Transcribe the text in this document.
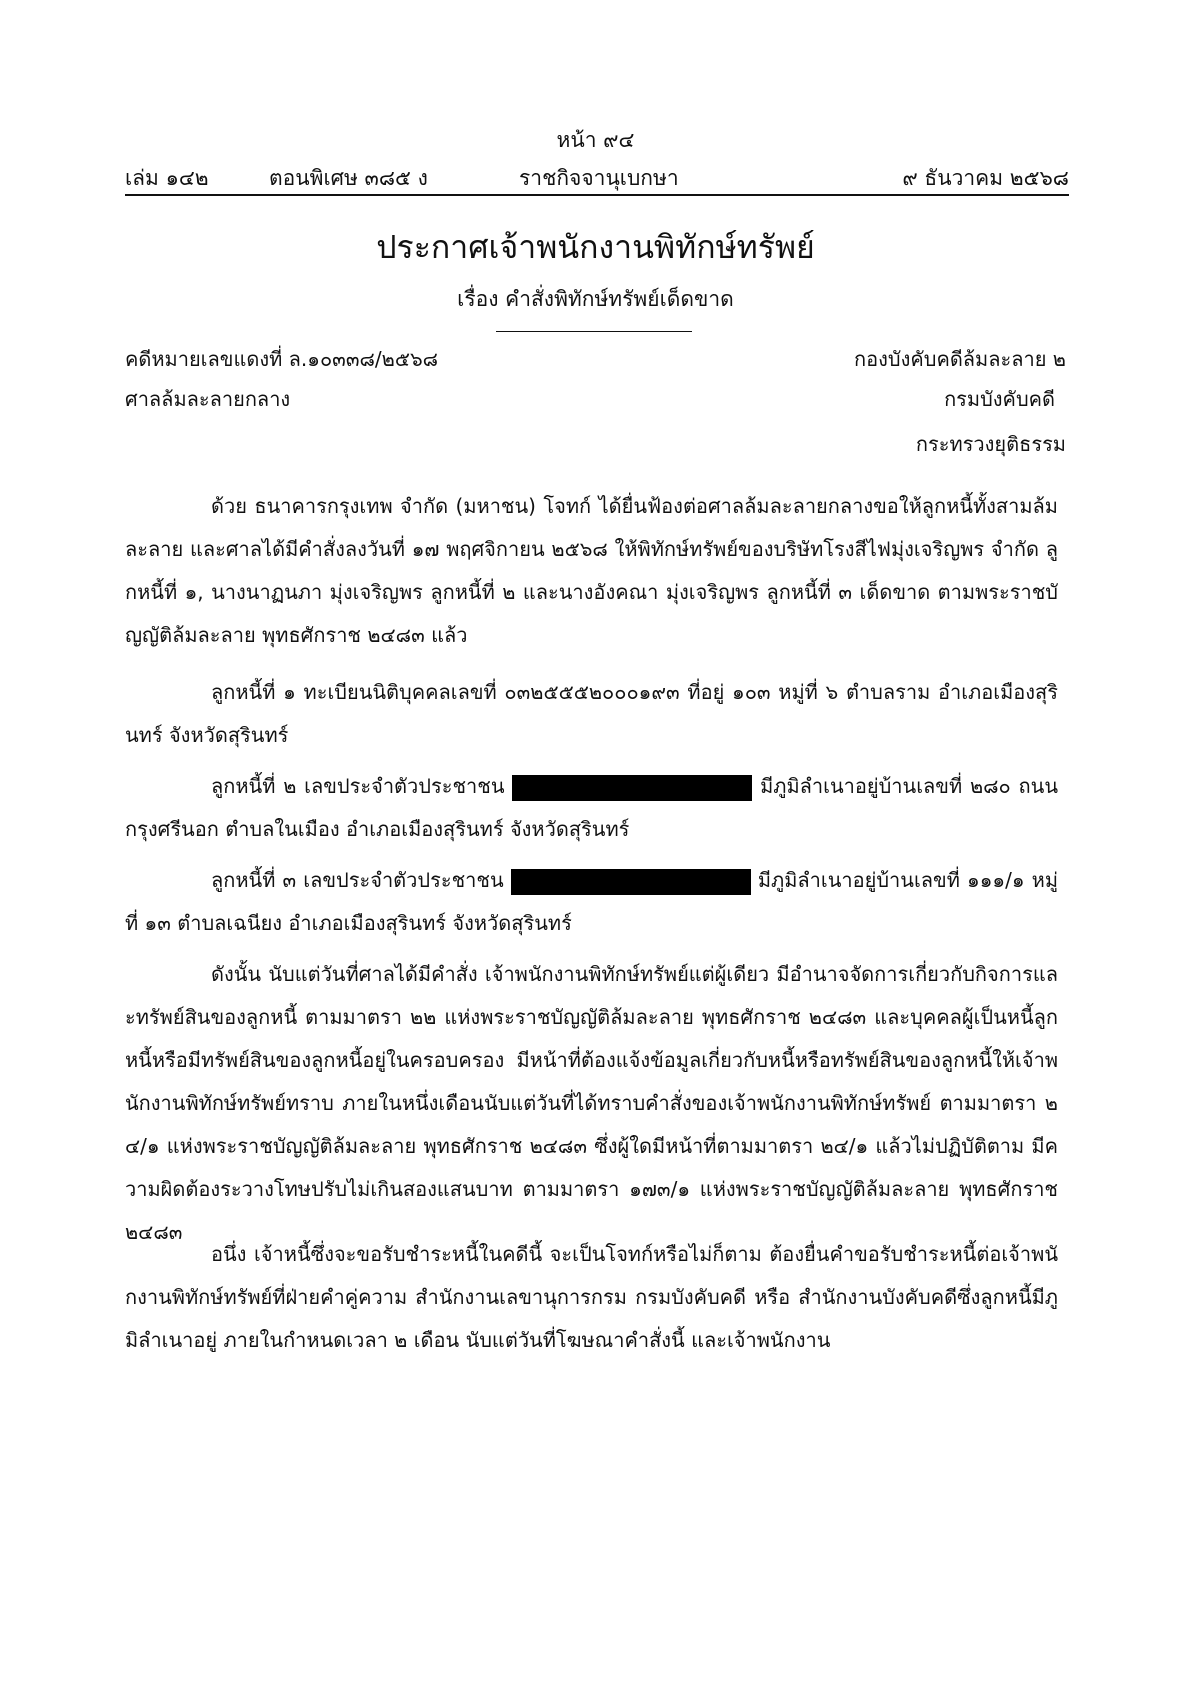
หน้า ๙๔
เล่ม ๑๔๒	ตอนพิเศษ ๓๘๕ ง	ราชกิจจานุเบกษา	๙ ธันวาคม ๒๕๖๘
ประกาศเจ้าพนักงานพิทักษ์ทรัพย์
เรื่อง คำสั่งพิทักษ์ทรัพย์เด็ดขาด
คดีหมายเลขแดงที่ ล.๑๐๓๓๘/๒๕๖๘
ศาลล้มละลายกลาง
กองบังคับคดีล้มละลาย ๒
กรมบังคับคดี
กระทรวงยุติธรรม

ด้วย ธนาคารกรุงเทพ จำกัด (มหาชน) โจทก์ ได้ยื่นฟ้องต่อศาลล้มละลายกลางขอให้ลูกหนี้ทั้งสามล้มละลาย และศาลได้มีคำสั่งลงวันที่ ๑๗ พฤศจิกายน ๒๕๖๘ ให้พิทักษ์ทรัพย์ของบริษัทโรงสีไฟมุ่งเจริญพร จำกัด ลูกหนี้ที่ ๑, นางนาฏนภา มุ่งเจริญพร ลูกหนี้ที่ ๒ และนางอังคณา มุ่งเจริญพร ลูกหนี้ที่ ๓ เด็ดขาด ตามพระราชบัญญัติล้มละลาย พุทธศักราช ๒๔๘๓ แล้ว

ลูกหนี้ที่ ๑ ทะเบียนนิติบุคคลเลขที่ ๐๓๒๕๕๕๒๐๐๐๑๙๓ ที่อยู่ ๑๐๓ หมู่ที่ ๖ ตำบลราม อำเภอเมืองสุรินทร์ จังหวัดสุรินทร์

ลูกหนี้ที่ ๒ เลขประจำตัวประชาชน	มีภูมิลำเนาอยู่บ้านเลขที่ ๒๘๐ ถนนกรุงศรีนอก ตำบลในเมือง อำเภอเมืองสุรินทร์ จังหวัดสุรินทร์

ลูกหนี้ที่ ๓ เลขประจำตัวประชาชน	มีภูมิลำเนาอยู่บ้านเลขที่ ๑๑๑/๑ หมู่ที่ ๑๓ ตำบลเฉนียง อำเภอเมืองสุรินทร์ จังหวัดสุรินทร์

ดังนั้น นับแต่วันที่ศาลได้มีคำสั่ง เจ้าพนักงานพิทักษ์ทรัพย์แต่ผู้เดียว มีอำนาจจัดการเกี่ยวกับกิจการและทรัพย์สินของลูกหนี้ ตามมาตรา ๒๒ แห่งพระราชบัญญัติล้มละลาย พุทธศักราช ๒๔๘๓ และบุคคลผู้เป็นหนี้ลูกหนี้หรือมีทรัพย์สินของลูกหนี้อยู่ในครอบครอง มีหน้าที่ต้องแจ้งข้อมูลเกี่ยวกับหนี้หรือทรัพย์สินของลูกหนี้ให้เจ้าพนักงานพิทักษ์ทรัพย์ทราบ ภายในหนึ่งเดือนนับแต่วันที่ได้ทราบคำสั่งของเจ้าพนักงานพิทักษ์ทรัพย์ ตามมาตรา ๒๔/๑ แห่งพระราชบัญญัติล้มละลาย พุทธศักราช ๒๔๘๓ ซึ่งผู้ใดมีหน้าที่ตามมาตรา ๒๔/๑ แล้วไม่ปฏิบัติตาม มีความผิดต้องระวางโทษปรับไม่เกินสองแสนบาท ตามมาตรา ๑๗๓/๑ แห่งพระราชบัญญัติล้มละลาย พุทธศักราช ๒๔๘๓

อนึ่ง เจ้าหนี้ซึ่งจะขอรับชำระหนี้ในคดีนี้ จะเป็นโจทก์หรือไม่ก็ตาม ต้องยื่นคำขอรับชำระหนี้ต่อเจ้าพนักงานพิทักษ์ทรัพย์ที่ฝ่ายคำคู่ความ สำนักงานเลขานุการกรม กรมบังคับคดี หรือ สำนักงานบังคับคดีซึ่งลูกหนี้มีภูมิลำเนาอยู่ ภายในกำหนดเวลา ๒ เดือน นับแต่วันที่โฆษณาคำสั่งนี้ และเจ้าพนักงาน
